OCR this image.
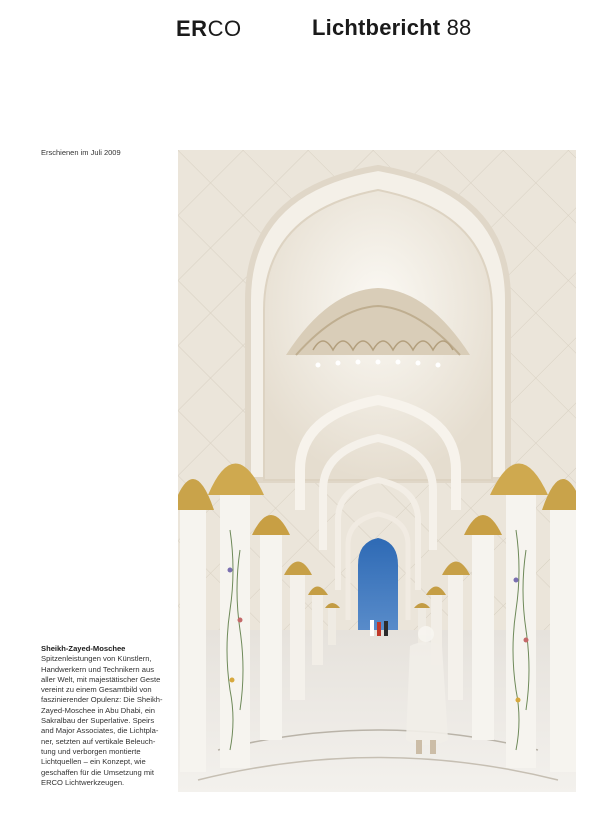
ERCO	Lichtbericht 88
Erschienen im Juli 2009
Sheikh-Zayed-Moschee
Spitzenleistungen von Künstlern,
Handwerkern und Technikern aus
aller Welt, mit majestätischer Geste
vereint zu einem Gesamtbild von
faszinierender Opulenz: Die Sheikh-
Zayed-Moschee in Abu Dhabi, ein
Sakralbau der Superlative. Speirs
and Major Associates, die Lichtpla-
ner, setzten auf vertikale Beleuch-
tung und verborgen montierte
Lichtquellen – ein Konzept, wie
geschaffen für die Umsetzung mit
ERCO Lichtwerkzeugen.
